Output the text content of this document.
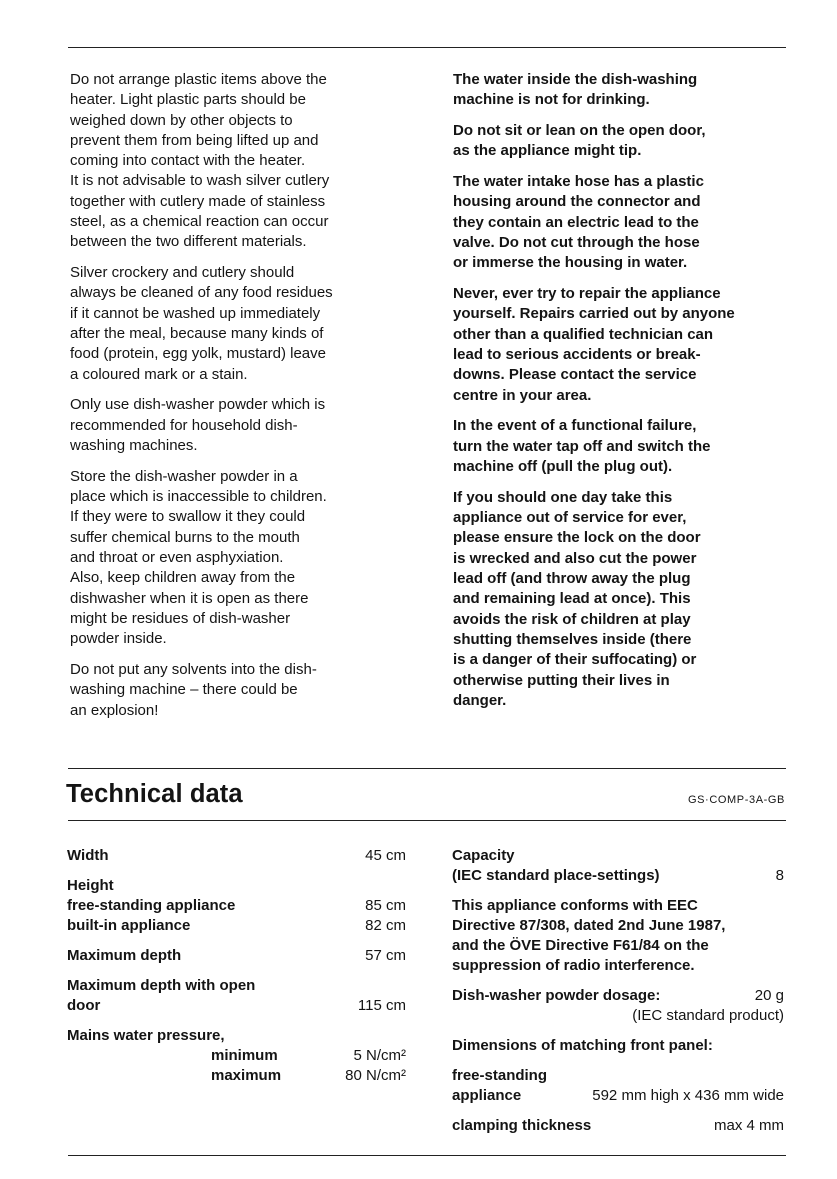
Do not arrange plastic items above the
heater. Light plastic parts should be
weighed down by other objects to
prevent them from being lifted up and
coming into contact with the heater.
It is not advisable to wash silver cutlery
together with cutlery made of stainless
steel, as a chemical reaction can occur
between the two different materials.

Silver crockery and cutlery should
always be cleaned of any food residues
if it cannot be washed up immediately
after the meal, because many kinds of
food (protein, egg yolk, mustard) leave
a coloured mark or a stain.

Only use dish-washer powder which is
recommended for household dish-
washing machines.

Store the dish-washer powder in a
place which is inaccessible to children.
If they were to swallow it they could
suffer chemical burns to the mouth
and throat or even asphyxiation.
Also, keep children away from the
dishwasher when it is open as there
might be residues of dish-washer
powder inside.

Do not put any solvents into the dish-
washing machine – there could be
an explosion!

The water inside the dish-washing
machine is not for drinking.

Do not sit or lean on the open door,
as the appliance might tip.

The water intake hose has a plastic
housing around the connector and
they contain an electric lead to the
valve. Do not cut through the hose
or immerse the housing in water.

Never, ever try to repair the appliance
yourself. Repairs carried out by anyone
other than a qualified technician can
lead to serious accidents or break-
downs. Please contact the service
centre in your area.

In the event of a functional failure,
turn the water tap off and switch the
machine off (pull the plug out).

If you should one day take this
appliance out of service for ever,
please ensure the lock on the door
is wrecked and also cut the power
lead off (and throw away the plug
and remaining lead at once). This
avoids the risk of children at play
shutting themselves inside (there
is a danger of their suffocating) or
otherwise putting their lives in
danger.

Technical data	GS·COMP-3A-GB
Width	45 cm
Height
free-standing appliance	85 cm
built-in appliance	82 cm
Maximum depth	57 cm
Maximum depth with open
door	115 cm
Mains water pressure,
minimum	5 N/cm²

maximum	80 N/cm²

Capacity
(IEC standard place-settings)	8
This appliance conforms with EEC
Directive 87/308, dated 2nd June 1987,
and the ÖVE Directive F61/84 on the
suppression of radio interference.
Dish-washer powder dosage:	20 g
(IEC standard product)
Dimensions of matching front panel:
free-standing
appliance	592 mm high x 436 mm wide
clamping thickness	max 4 mm
